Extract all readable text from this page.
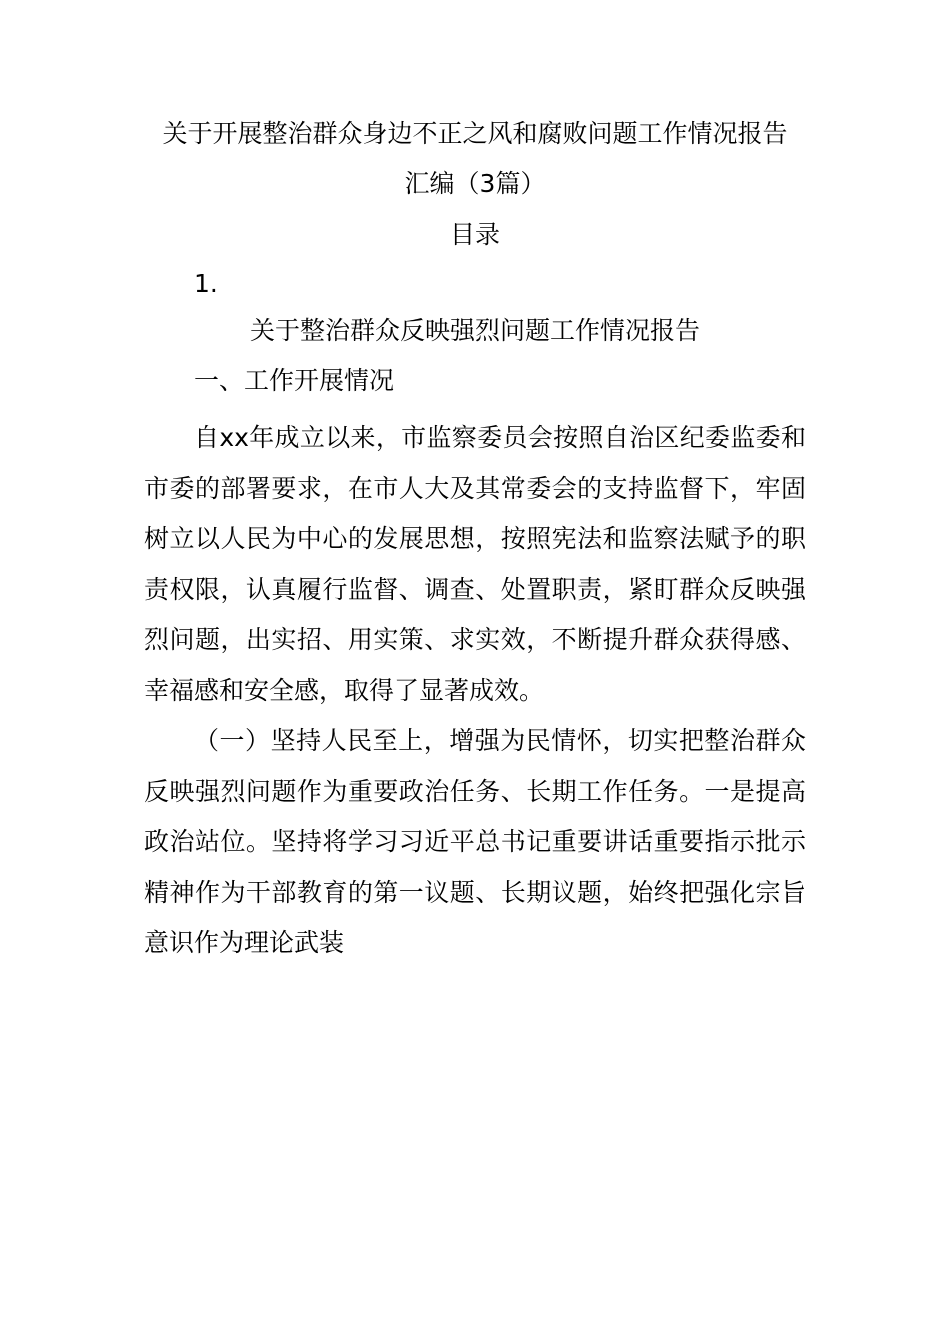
关于开展整治群众身边不正之风和腐败问题工作情况报告
汇编（3篇）
目录
1.
关于整治群众反映强烈问题工作情况报告
一、工作开展情况

自xx年成立以来，市监察委员会按照自治区纪委监委和市委的部署要求，在市人大及其常委会的支持监督下，牢固树立以人民为中心的发展思想，按照宪法和监察法赋予的职责权限，认真履行监督、调查、处置职责，紧盯群众反映强烈问题，出实招、用实策、求实效，不断提升群众获得感、幸福感和安全感，取得了显著成效。

（一）坚持人民至上，增强为民情怀，切实把整治群众反映强烈问题作为重要政治任务、长期工作任务。一是提高政治站位。坚持将学习习近平总书记重要讲话重要指示批示精神作为干部教育的第一议题、长期议题，始终把强化宗旨意识作为理论武装
